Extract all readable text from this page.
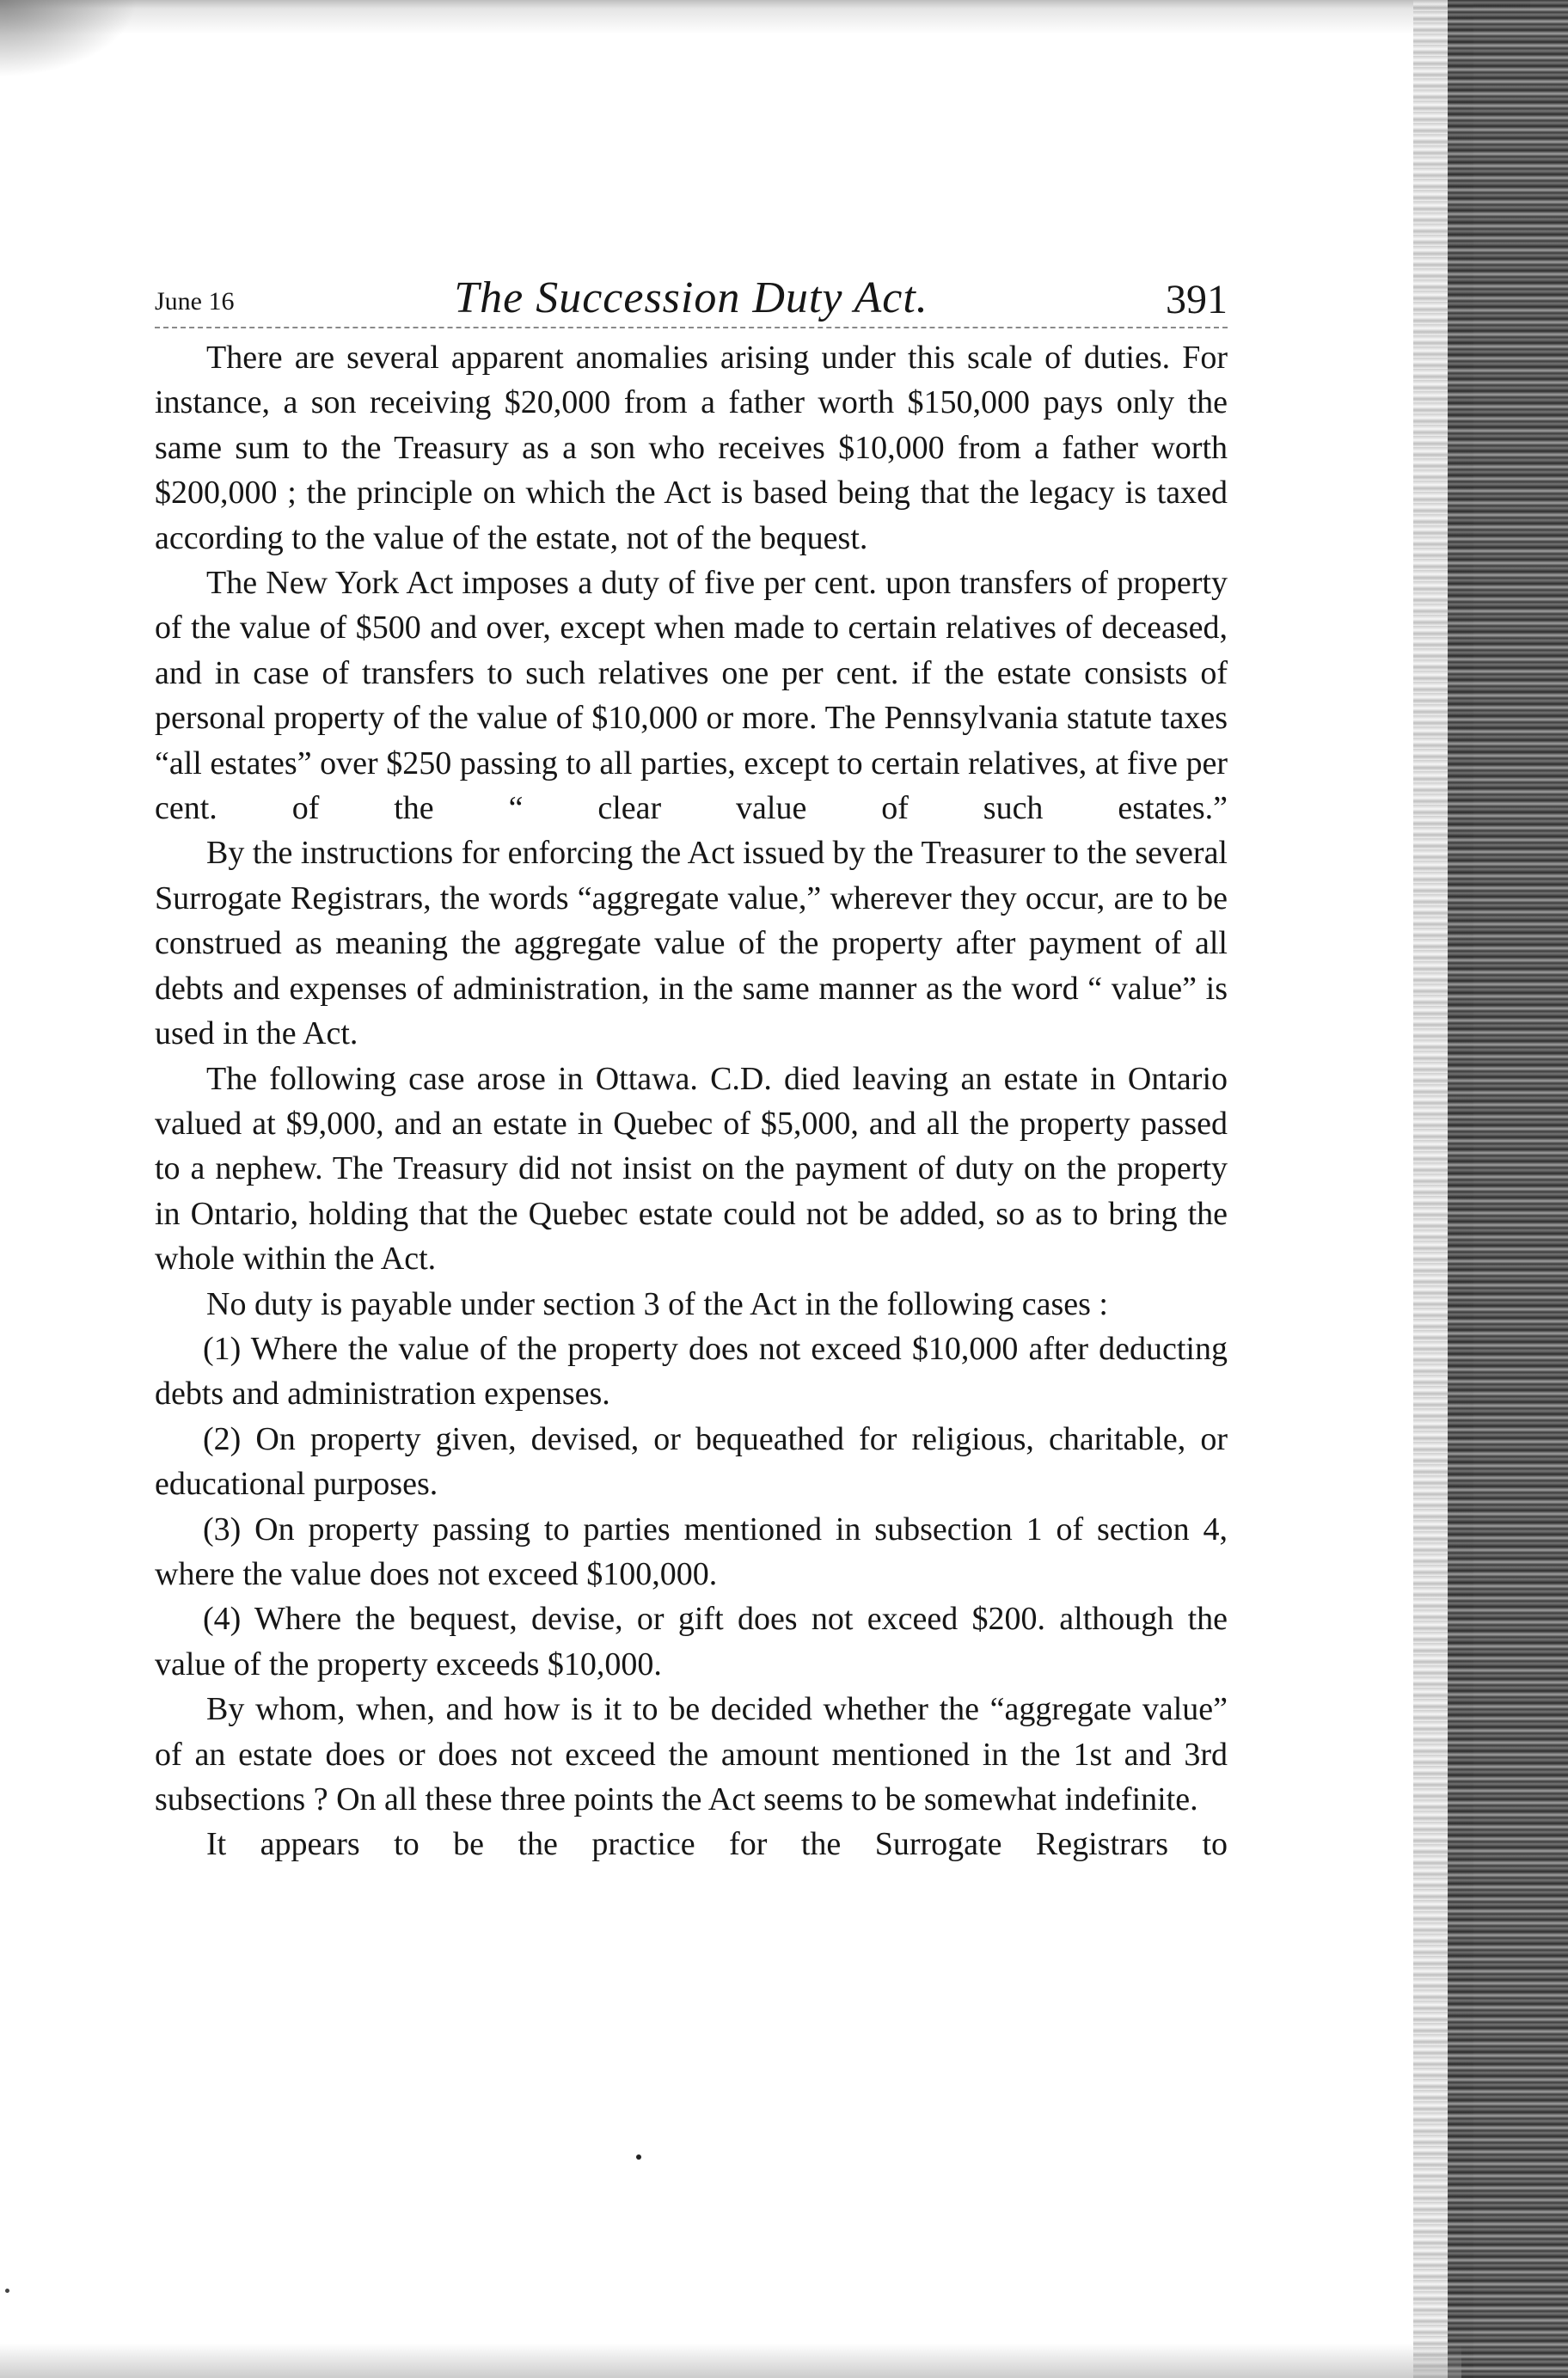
June 16	The Succession Duty Act.	391

There are several apparent anomalies arising under this scale of duties. For instance, a son receiving $20,000 from a father worth $150,000 pays only the same sum to the Treasury as a son who receives $10,000 from a father worth $200,000 ; the principle on which the Act is based being that the legacy is taxed according to the value of the estate, not of the bequest.

The New York Act imposes a duty of five per cent. upon transfers of property of the value of $500 and over, except when made to certain relatives of deceased, and in case of transfers to such relatives one per cent. if the estate consists of personal property of the value of $10,000 or more. The Pennsylvania statute taxes “all estates” over $250 passing to all parties, except to certain relatives, at five per cent. of the “ clear value of such estates.”

By the instructions for enforcing the Act issued by the Treasurer to the several Surrogate Registrars, the words “aggregate value,” wherever they occur, are to be construed as meaning the aggregate value of the property after payment of all debts and expenses of administration, in the same manner as the word “ value” is used in the Act.

The following case arose in Ottawa. C.D. died leaving an estate in Ontario valued at $9,000, and an estate in Quebec of $5,000, and all the property passed to a nephew. The Treasury did not insist on the payment of duty on the property in Ontario, holding that the Quebec estate could not be added, so as to bring the whole within the Act.

No duty is payable under section 3 of the Act in the following cases :

(1) Where the value of the property does not exceed $10,000 after deducting debts and administration expenses.

(2) On property given, devised, or bequeathed for religious, charitable, or educational purposes.

(3) On property passing to parties mentioned in subsection 1 of section 4, where the value does not exceed $100,000.

(4) Where the bequest, devise, or gift does not exceed $200. although the value of the property exceeds $10,000.

By whom, when, and how is it to be decided whether the “aggregate value” of an estate does or does not exceed the amount mentioned in the 1st and 3rd subsections ? On all these three points the Act seems to be somewhat indefinite.

It appears to be the practice for the Surrogate Registrars to
